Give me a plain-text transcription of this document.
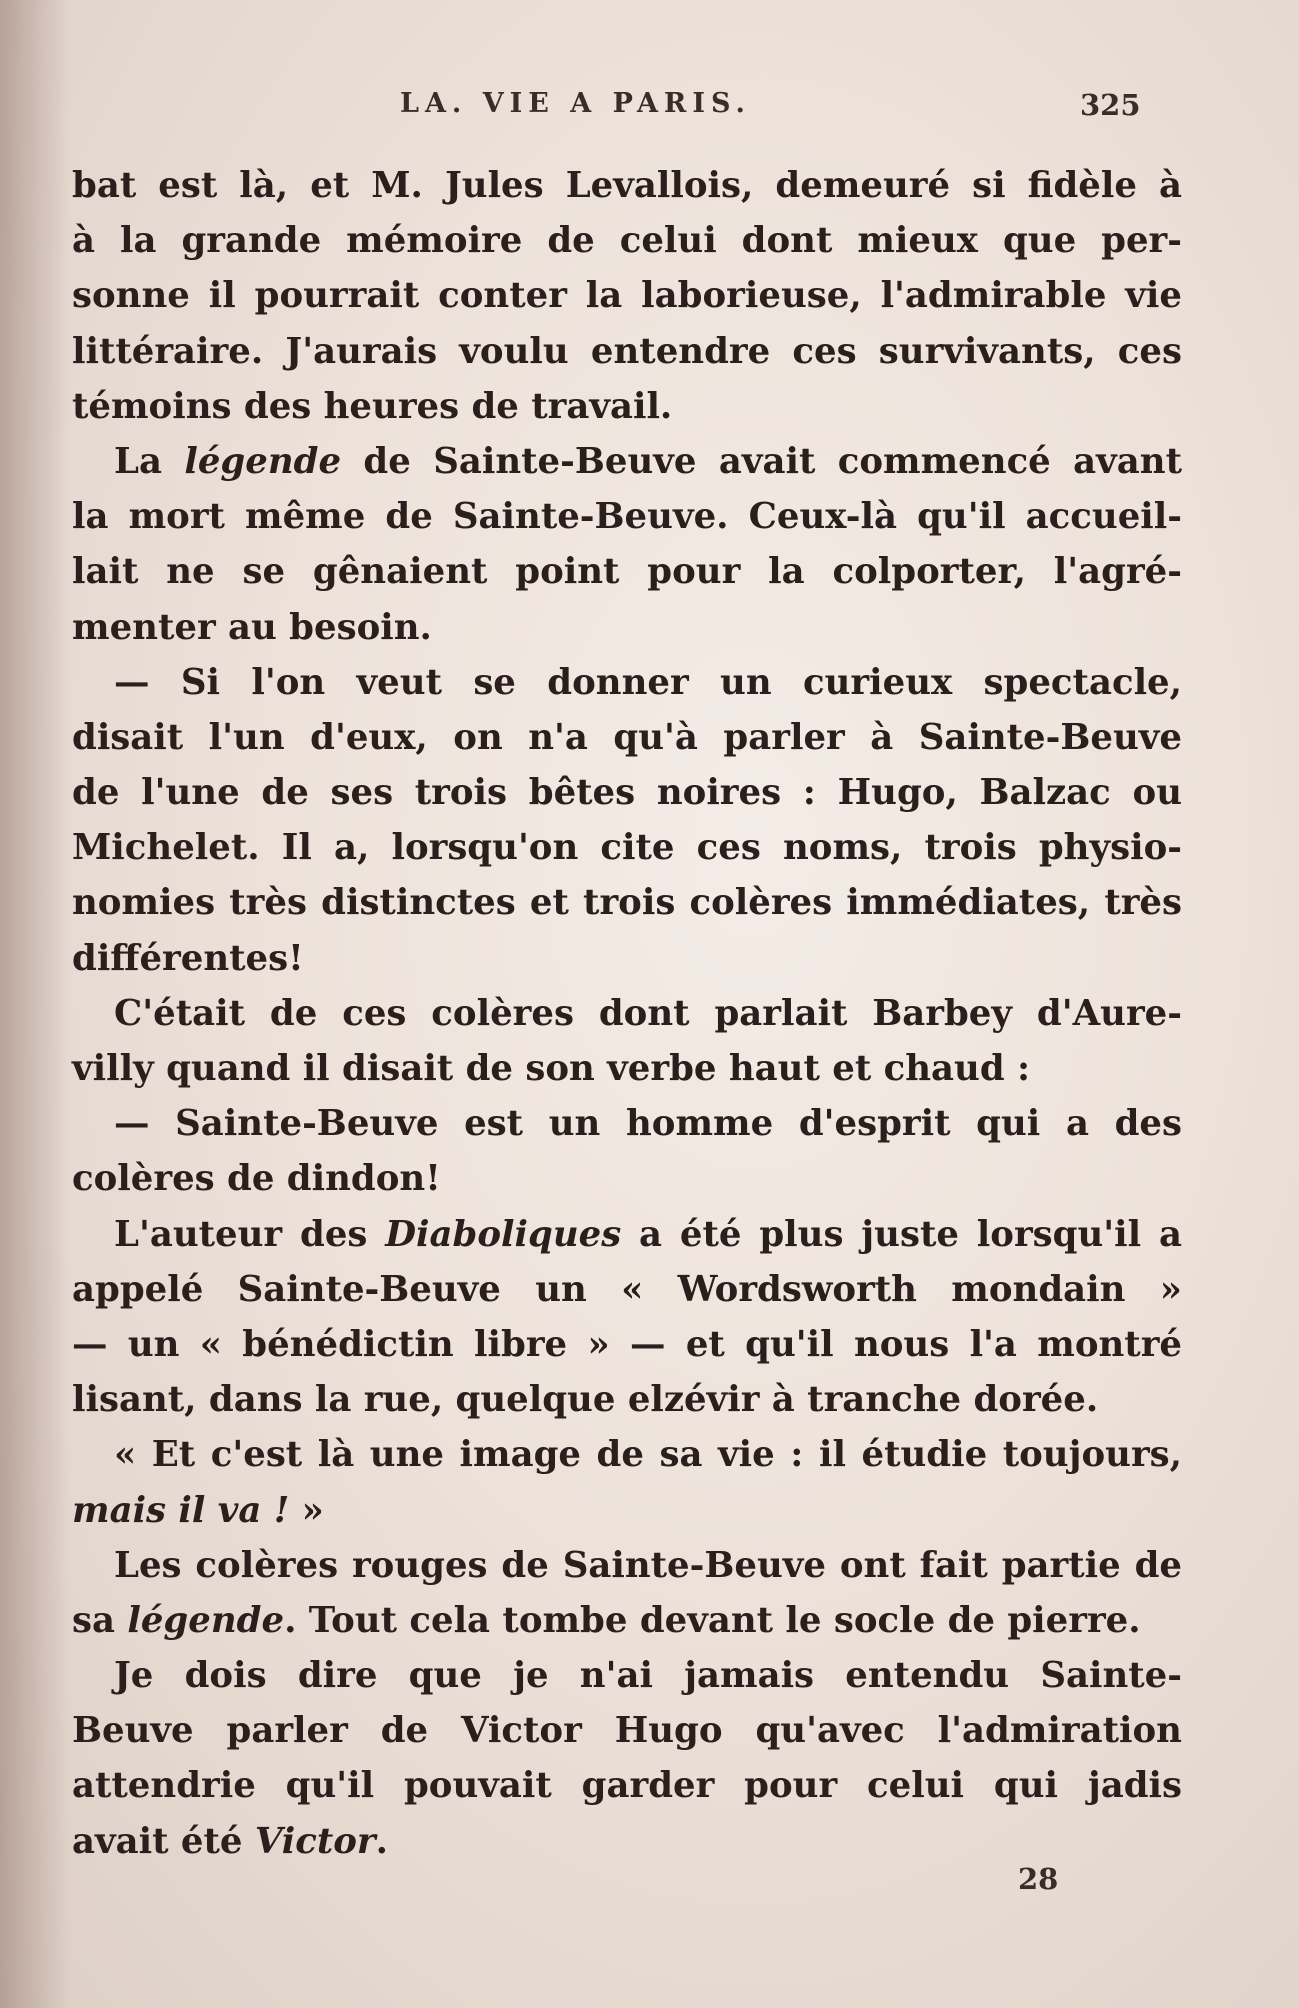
LA. VIE A PARIS.	325
bat est là, et M. Jules Levallois, demeuré si fidèle à
à la grande mémoire de celui dont mieux que per-
sonne il pourrait conter la laborieuse, l'admirable vie
littéraire. J'aurais voulu entendre ces survivants, ces
témoins des heures de travail.
La légende de Sainte-Beuve avait commencé avant
la mort même de Sainte-Beuve. Ceux-là qu'il accueil-
lait ne se gênaient point pour la colporter, l'agré-
menter au besoin.
— Si l'on veut se donner un curieux spectacle,
disait l'un d'eux, on n'a qu'à parler à Sainte-Beuve
de l'une de ses trois bêtes noires : Hugo, Balzac ou
Michelet. Il a, lorsqu'on cite ces noms, trois physio-
nomies très distinctes et trois colères immédiates, très
différentes!
C'était de ces colères dont parlait Barbey d'Aure-
villy quand il disait de son verbe haut et chaud :
— Sainte-Beuve est un homme d'esprit qui a des
colères de dindon!
L'auteur des Diaboliques a été plus juste lorsqu'il a
appelé Sainte-Beuve un « Wordsworth mondain »
— un « bénédictin libre » — et qu'il nous l'a montré
lisant, dans la rue, quelque elzévir à tranche dorée.
« Et c'est là une image de sa vie : il étudie toujours,
mais il va ! »
Les colères rouges de Sainte-Beuve ont fait partie de
sa légende. Tout cela tombe devant le socle de pierre.
Je dois dire que je n'ai jamais entendu Sainte-
Beuve parler de Victor Hugo qu'avec l'admiration
attendrie qu'il pouvait garder pour celui qui jadis
avait été Victor.
28
